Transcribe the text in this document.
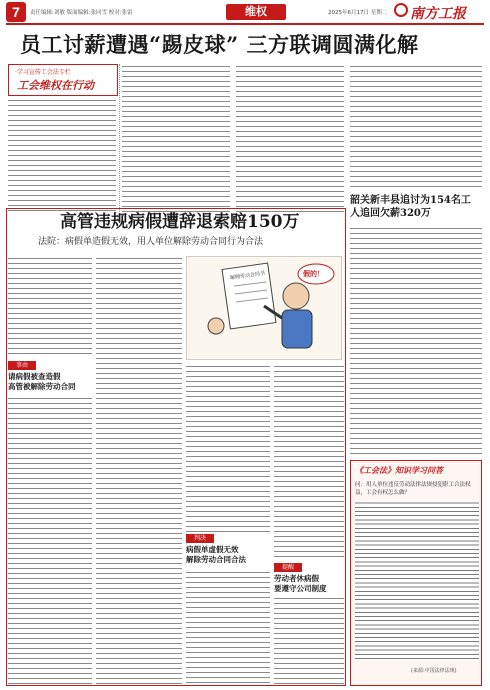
7	责任编辑:刘敏 版面编辑:张同雪 校对:张雷	维权	2025年6月17日 星期二 南方工报
员工讨薪遭遇“踢皮球” 三方联调圆满化解
·学习宣传工会法专栏
工会维权在行动
韶关新丰县追讨为154名工人追回欠薪320万
高管违规病假遭辞退索赔150万
法院：病假单造假无效，用人单位解除劳动合同行为合法
解聘劳动合同书	假的！
事由
请病假被查造假
高管被解除劳动合同
判决
病假单虚假无效
解除劳动合同合法
提醒
劳动者休病假
要遵守公司制度
《工会法》知识学习问答
问：用人单位违反劳动法律法规侵犯职工合法权益，工会有权怎么做？
(来源:中国法律法规)
